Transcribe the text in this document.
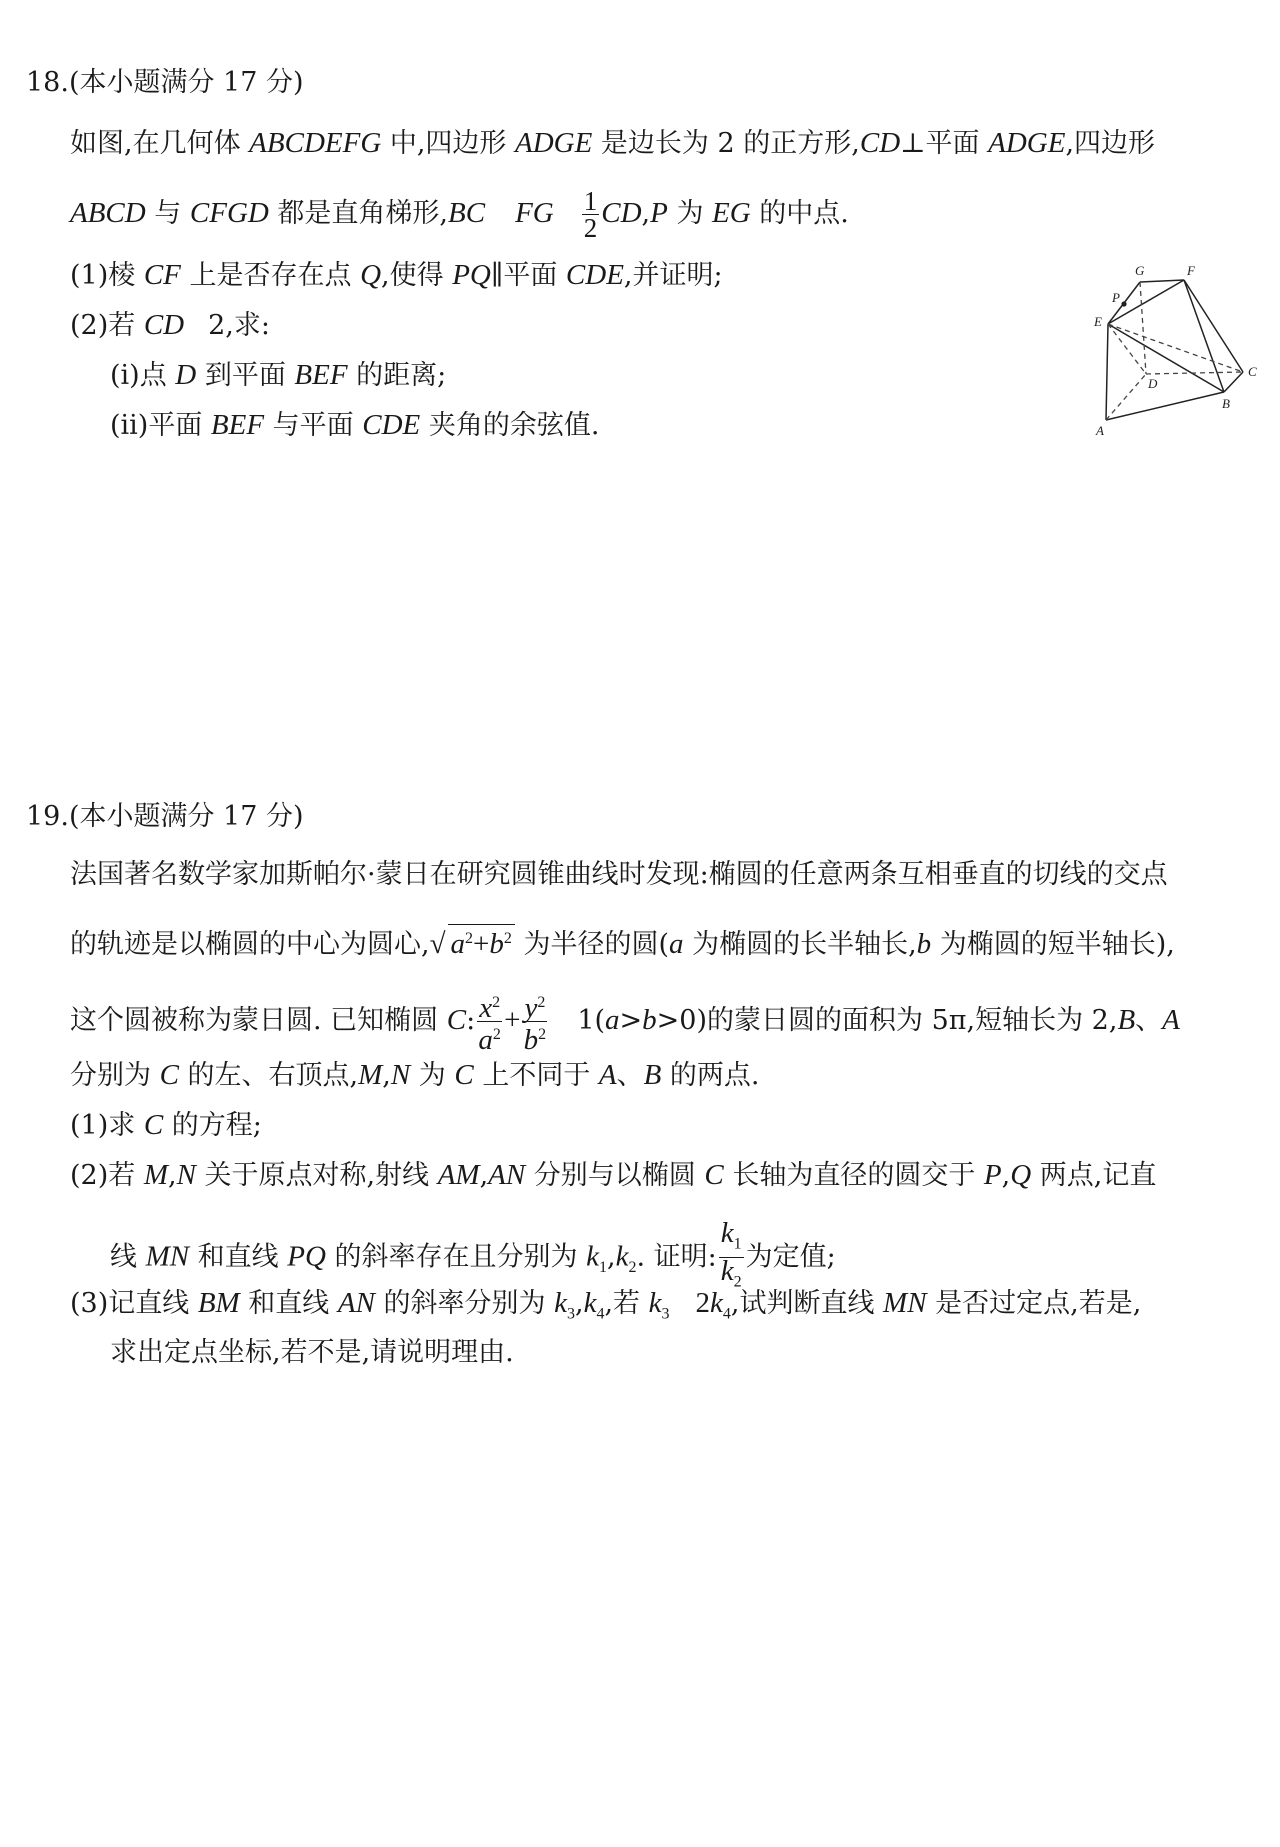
18.(本小题满分 17 分)
如图,在几何体 ABCDEFG 中,四边形 ADGE 是边长为 2 的正方形,CD⊥平面 ADGE,四边形
ABCD 与 CFGD 都是直角梯形,BC FG $\frac{1}{2} CD,P$ 为 EG 的中点.
(1)棱 CF 上是否存在点 Q,使得 PQ∥平面 CDE,并证明;
(2)若 CD 2,求:
(i)点 D 到平面 BEF 的距离;
(ii)平面 BEF 与平面 CDE 夹角的余弦值.
G	F
P
E
D
C
B
A
19.(本小题满分 17 分)
法国著名数学家加斯帕尔·蒙日在研究圆锥曲线时发现:椭圆的任意两条互相垂直的切线的交点
的轨迹是以椭圆的中心为圆心,√ $a^2+b^2$ 为半径的圆(a 为椭圆的长半轴长,b 为椭圆的短半轴长),
这个圆被称为蒙日圆. 已知椭圆 C: $\frac{x^2}{a^2} + \frac{y^2}{b^2} 1(a>b>0)$的蒙日圆的面积为 5π,短轴长为 2,B、A
分别为 C 的左、右顶点,M,N 为 C 上不同于 A、B 的两点.
(1)求 C 的方程;
(2)若 M,N 关于原点对称,射线 AM,AN 分别与以椭圆 C 长轴为直径的圆交于 P,Q 两点,记直
线 MN 和直线 PQ 的斜率存在且分别为 $k_1,k_2$. 证明: $\frac{k_1}{k_2}$ 为定值;
(3)记直线 BM 和直线 AN 的斜率分别为 $k_3,k_4$,若 $k_3$ $2k_4$,试判断直线 MN 是否过定点,若是,
求出定点坐标,若不是,请说明理由.
